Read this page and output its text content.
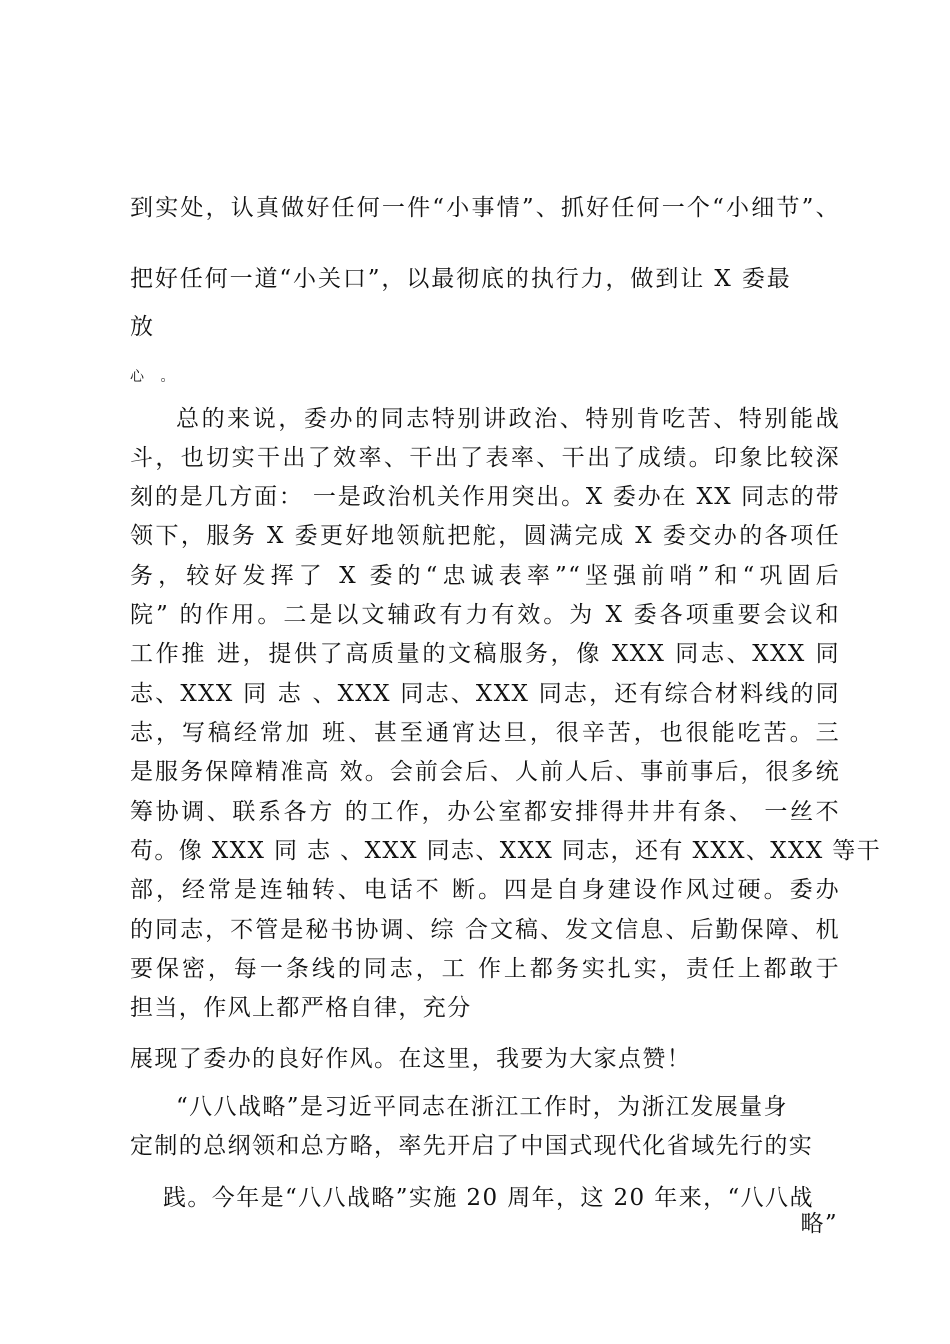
到实处，认真做好任何一件“小事情”、抓好任何一个“小细节”、
把好任何一道“小关口”，以最彻底的执行力，做到让 X 委最
放
心 。
总的来说，委办的同志特别讲政治、特别肯吃苦、特别能战
斗，也切实干出了效率、干出了表率、干出了成绩。印象比较深
刻的是几方面： 一是政治机关作用突出。X 委办在 XX 同志的带
领下，服务 X 委更好地领航把舵，圆满完成 X 委交办的各项任
务，较好发挥了 X 委的“忠诚表率”“坚强前哨”和“巩固后
院” 的作用。二是以文辅政有力有效。为 X 委各项重要会议和
工作推 进，提供了高质量的文稿服务，像 XXX 同志、XXX 同
志、XXX 同 志 、XXX 同志、XXX 同志，还有综合材料线的同
志，写稿经常加 班、甚至通宵达旦，很辛苦，也很能吃苦。三
是服务保障精准高 效。会前会后、人前人后、事前事后，很多统
筹协调、联系各方 的工作，办公室都安排得井井有条、 一丝不
苟。像 XXX 同 志 、XXX 同志、XXX 同志，还有 XXX、XXX 等干
部，经常是连轴转、电话不 断。四是自身建设作风过硬。委办
的同志，不管是秘书协调、综 合文稿、发文信息、后勤保障、机
要保密，每一条线的同志，工 作上都务实扎实，责任上都敢于
担当，作风上都严格自律，充分
展现了委办的良好作风。在这里，我要为大家点赞！
“八八战略”是习近平同志在浙江工作时，为浙江发展量身
定制的总纲领和总方略，率先开启了中国式现代化省域先行的实
践。今年是“八八战略”实施 20 周年，这 20 年来，“八八战
略”
